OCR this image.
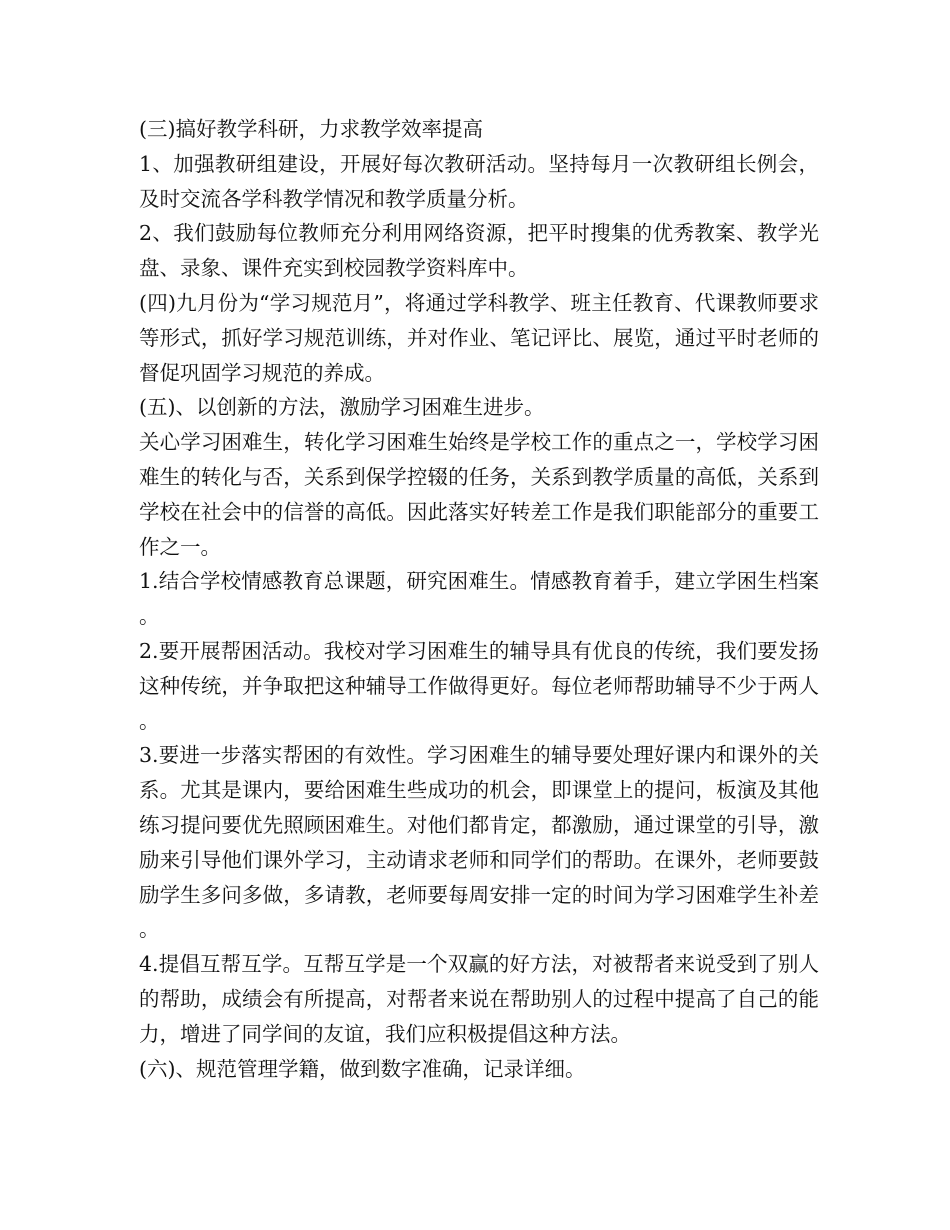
(三)搞好教学科研，力求教学效率提高

1、加强教研组建设，开展好每次教研活动。坚持每月一次教研组长例会，及时交流各学科教学情况和教学质量分析。

2、我们鼓励每位教师充分利用网络资源，把平时搜集的优秀教案、教学光盘、录象、课件充实到校园教学资料库中。

(四)九月份为“学习规范月”，将通过学科教学、班主任教育、代课教师要求等形式，抓好学习规范训练，并对作业、笔记评比、展览，通过平时老师的督促巩固学习规范的养成。

(五)、以创新的方法，激励学习困难生进步。

关心学习困难生，转化学习困难生始终是学校工作的重点之一，学校学习困难生的转化与否，关系到保学控辍的任务，关系到教学质量的高低，关系到学校在社会中的信誉的高低。因此落实好转差工作是我们职能部分的重要工作之一。

1.结合学校情感教育总课题，研究困难生。情感教育着手，建立学困生档案。

2.要开展帮困活动。我校对学习困难生的辅导具有优良的传统，我们要发扬这种传统，并争取把这种辅导工作做得更好。每位老师帮助辅导不少于两人。

3.要进一步落实帮困的有效性。学习困难生的辅导要处理好课内和课外的关系。尤其是课内，要给困难生些成功的机会，即课堂上的提问，板演及其他练习提问要优先照顾困难生。对他们都肯定，都激励，通过课堂的引导，激励来引导他们课外学习，主动请求老师和同学们的帮助。在课外，老师要鼓励学生多问多做，多请教，老师要每周安排一定的时间为学习困难学生补差。

4.提倡互帮互学。互帮互学是一个双赢的好方法，对被帮者来说受到了别人的帮助，成绩会有所提高，对帮者来说在帮助别人的过程中提高了自己的能力，增进了同学间的友谊，我们应积极提倡这种方法。

(六)、规范管理学籍，做到数字准确，记录详细。
